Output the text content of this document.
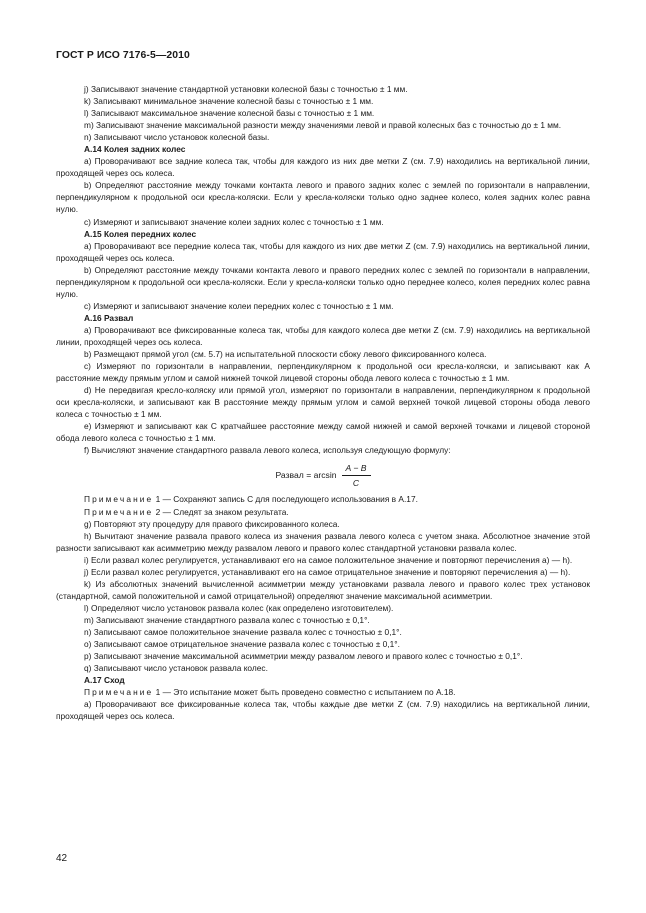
ГОСТ Р ИСО 7176-5—2010

j) Записывают значение стандартной установки колесной базы с точностью ± 1 мм.

k) Записывают минимальное значение колесной базы с точностью ± 1 мм.

l) Записывают максимальное значение колесной базы с точностью ± 1 мм.

m) Записывают значение максимальной разности между значениями левой и правой колесных баз с точностью до ± 1 мм.

n) Записывают число установок колесной базы.

А.14 Колея задних колес

a) Проворачивают все задние колеса так, чтобы для каждого из них две метки Z (см. 7.9) находились на вертикальной линии, проходящей через ось колеса.

b) Определяют расстояние между точками контакта левого и правого задних колес с землей по горизонтали в направлении, перпендикулярном к продольной оси кресла-коляски. Если у кресла-коляски только одно заднее колесо, колея задних колес равна нулю.

c) Измеряют и записывают значение колеи задних колес с точностью ± 1 мм.

А.15 Колея передних колес

a) Проворачивают все передние колеса так, чтобы для каждого из них две метки Z (см. 7.9) находились на вертикальной линии, проходящей через ось колеса.

b) Определяют расстояние между точками контакта левого и правого передних колес с землей по горизонтали в направлении, перпендикулярном к продольной оси кресла-коляски. Если у кресла-коляски только одно переднее колесо, колея передних колес равна нулю.

c) Измеряют и записывают значение колеи передних колес с точностью ± 1 мм.

А.16 Развал

a) Проворачивают все фиксированные колеса так, чтобы для каждого колеса две метки Z (см. 7.9) находились на вертикальной линии, проходящей через ось колеса.

b) Размещают прямой угол (см. 5.7) на испытательной плоскости сбоку левого фиксированного колеса.

c) Измеряют по горизонтали в направлении, перпендикулярном к продольной оси кресла-коляски, и записывают как A расстояние между прямым углом и самой нижней точкой лицевой стороны обода левого колеса с точностью ± 1 мм.

d) Не передвигая кресло-коляску или прямой угол, измеряют по горизонтали в направлении, перпендикулярном к продольной оси кресла-коляски, и записывают как B расстояние между прямым углом и самой верхней точкой лицевой стороны обода левого колеса с точностью ± 1 мм.

e) Измеряют и записывают как C кратчайшее расстояние между самой нижней и самой верхней точками и лицевой стороной обода левого колеса с точностью ± 1 мм.

f) Вычисляют значение стандартного развала левого колеса, используя следующую формулу:

Развал = $\arcsin \frac{A - B}{C}$

Примечание 1 — Сохраняют запись C для последующего использования в А.17.

Примечание 2 — Следят за знаком результата.

g) Повторяют эту процедуру для правого фиксированного колеса.

h) Вычитают значение развала правого колеса из значения развала левого колеса с учетом знака. Абсолютное значение этой разности записывают как асимметрию между развалом левого и правого колес стандартной установки развала колес.

i) Если развал колес регулируется, устанавливают его на самое положительное значение и повторяют перечисления a) — h).

j) Если развал колес регулируется, устанавливают его на самое отрицательное значение и повторяют перечисления a) — h).

k) Из абсолютных значений вычисленной асимметрии между установками развала левого и правого колес трех установок (стандартной, самой положительной и самой отрицательной) определяют значение максимальной асимметрии.

l) Определяют число установок развала колес (как определено изготовителем).

m) Записывают значение стандартного развала колес с точностью ± 0,1°.

n) Записывают самое положительное значение развала колес с точностью ± 0,1°.

o) Записывают самое отрицательное значение развала колес с точностью ± 0,1°.

p) Записывают значение максимальной асимметрии между развалом левого и правого колес с точностью ± 0,1°.

q) Записывают число установок развала колес.

А.17 Сход

Примечание 1 — Это испытание может быть проведено совместно с испытанием по А.18.

a) Проворачивают все фиксированные колеса так, чтобы каждые две метки Z (см. 7.9) находились на вертикальной линии, проходящей через ось колеса.

42
